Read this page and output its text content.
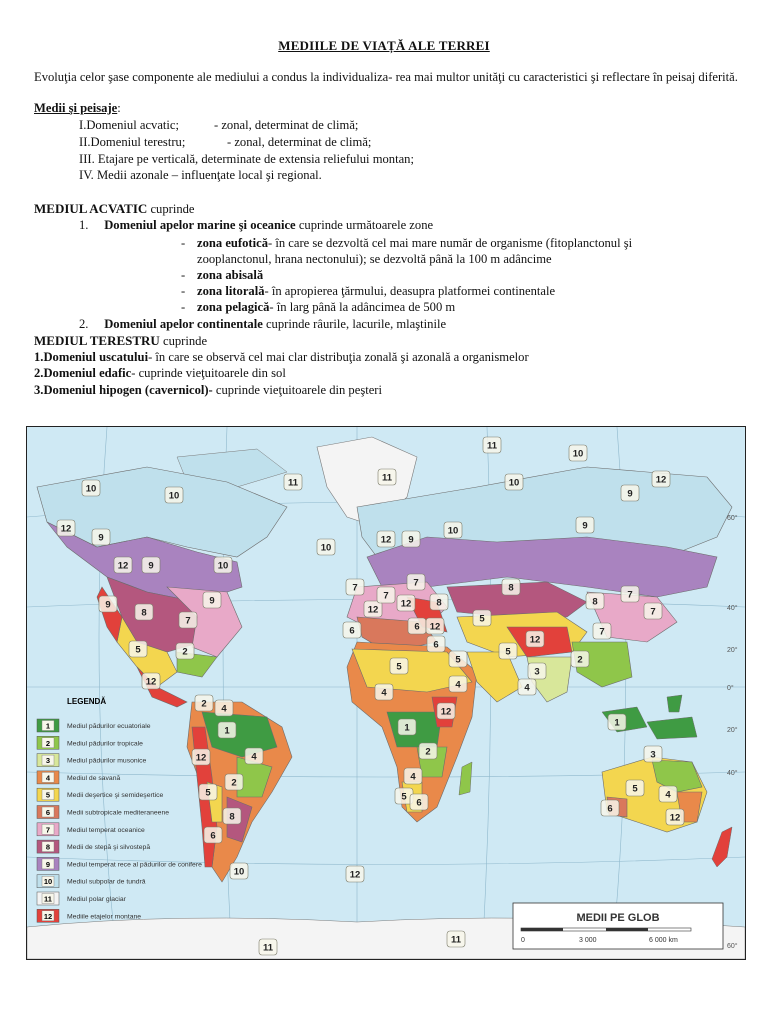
MEDIILE DE VIAȚĂ ALE TERREI
Evoluţia celor şase componente ale mediului a condus la individualiza- rea mai multor unităţi cu caracteristici şi reflectare în peisaj diferită.
Medii şi peisaje:
I.Domeniul acvatic;	- zonal, determinat de climă;
II.Domeniul terestru;	- zonal, determinat de climă;
III. Etajare pe verticală, determinate de extensia reliefului montan;
IV. Medii azonale – influenţate local şi regional.
MEDIUL ACVATIC cuprinde
1. Domeniul apelor marine şi oceanice cuprinde următoarele zone
- zona eufotică- în care se dezvoltă cel mai mare număr de organisme (fitoplanctonul şi
zooplanctonul, hrana nectonului); se dezvoltă până la 100 m adâncime
- zona abisală
- zona litorală- în apropierea ţărmului, deasupra platformei continentale
- zona pelagică- în larg până la adâncimea de 500 m
2. Domeniul apelor continentale cuprinde râurile, lacurile, mlaştinile
MEDIUL TERESTRU cuprinde
1.Domeniul uscatului- în care se observă cel mai clar distribuţia zonală şi azonală a organismelor
2.Domeniul edafic- cuprinde vieţuitoarele din sol
3.Domeniul hipogen (cavernicol)- cuprinde vieţuitoarele din peşteri
60°
40°
20°
0°
20°
40°
60°
11
10
11	11	10
9
12
10
10
12
9
9
10
12 9
10
12 9	10
9
7	7	8
7
9
8
7
12
7
12	8	8
7
6	6 12
5
12
7
5	2
6
5
5
3
2
12
5
4
4	4
2 4	12
1	1	1
12	4	2	3
2
4
5	5
6
5
4
8	12
6
6
10	12
11
11
LEGENDĂ
1 Mediul pădurilor ecuatoriale
2 Mediul pădurilor tropicale
3 Mediul pădurilor musonice
4 Mediul de savană
5 Medii deşertice şi semideşertice
6 Medii subtropicale mediteraneene
7 Mediul temperat oceanice
8 Medii de stepă şi silvostepă
9 Mediul temperat rece al pădurilor de conifere
10 Mediul subpolar de tundră
11 Mediul polar glaciar
12 Mediile etajelor montane	MEDII PE GLOB
0	3 000	6 000 km
